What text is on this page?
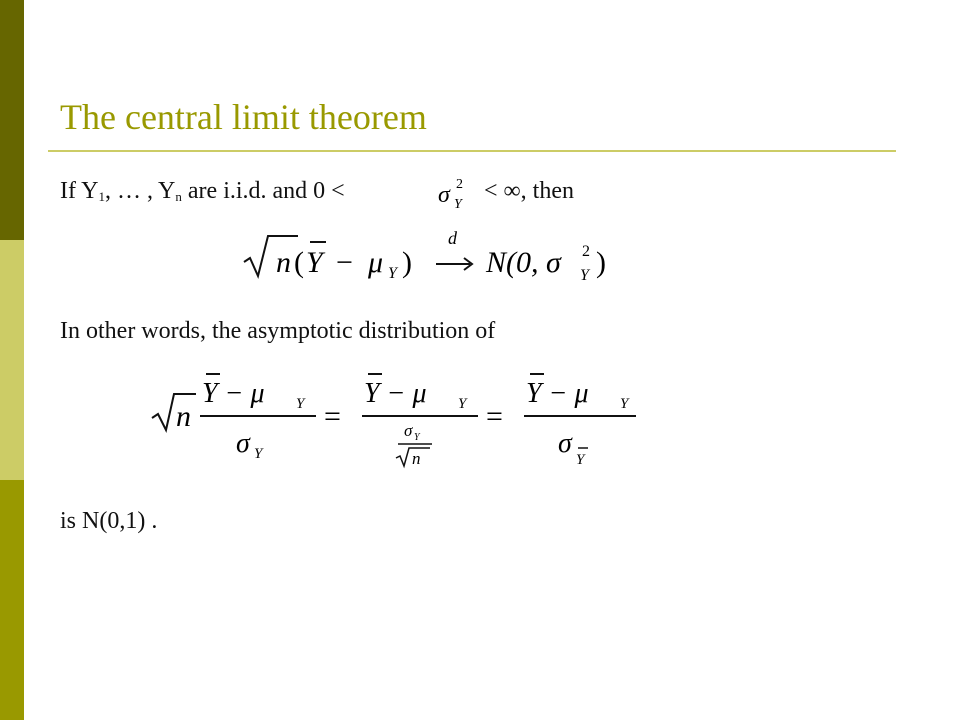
The central limit theorem
If $Y_1$, … , $Y_n$ are i.i.d. and 0 <	σ 2
Y
< ∞, then
n ( Y − μ Y )
d
N(0, σ 2
Y )
In other words, the asymptotic distribution of
n
Y − μ Y
σ Y
=
Y − μ Y
σ Y
n
=
Y − μ Y
σ
Y
is N(0,1) .
